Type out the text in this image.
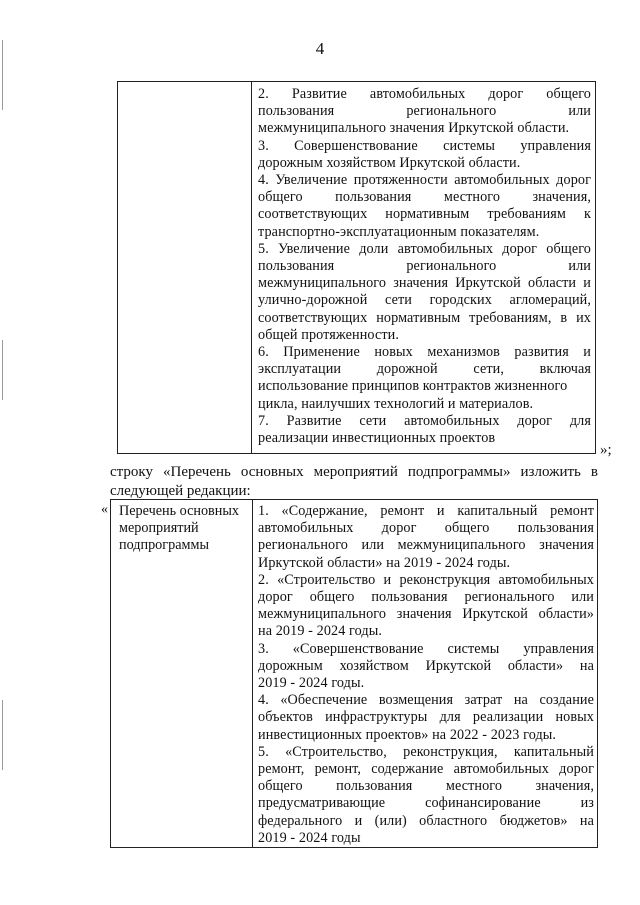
4
2. Развитие автомобильных дорог общего
пользования регионального или
межмуниципального значения Иркутской области.
3. Совершенствование системы управления
дорожным хозяйством Иркутской области.
4. Увеличение протяженности автомобильных дорог
общего пользования местного значения,
соответствующих нормативным требованиям к
транспортно-эксплуатационным показателям.
5. Увеличение доли автомобильных дорог общего
пользования регионального или
межмуниципального значения Иркутской области и
улично-дорожной сети городских агломераций,
соответствующих нормативным требованиям, в их
общей протяженности.
6. Применение новых механизмов развития и
эксплуатации дорожной сети, включая
использование принципов контрактов жизненного
цикла, наилучших технологий и материалов.
7. Развитие сети автомобильных дорог для
реализации инвестиционных проектов
»;
строку «Перечень основных мероприятий подпрограммы» изложить в
следующей редакции:
« Перечень основных
мероприятий
подпрограммы
1. «Содержание, ремонт и капитальный ремонт
автомобильных дорог общего пользования
регионального или межмуниципального значения
Иркутской области» на 2019 - 2024 годы.
2. «Строительство и реконструкция автомобильных
дорог общего пользования регионального или
межмуниципального значения Иркутской области»
на 2019 - 2024 годы.
3. «Совершенствование системы управления
дорожным хозяйством Иркутской области» на
2019 - 2024 годы.
4. «Обеспечение возмещения затрат на создание
объектов инфраструктуры для реализации новых
инвестиционных проектов» на 2022 - 2023 годы.
5. «Строительство, реконструкция, капитальный
ремонт, ремонт, содержание автомобильных дорог
общего пользования местного значения,
предусматривающие софинансирование из
федерального и (или) областного бюджетов» на
2019 - 2024 годы
